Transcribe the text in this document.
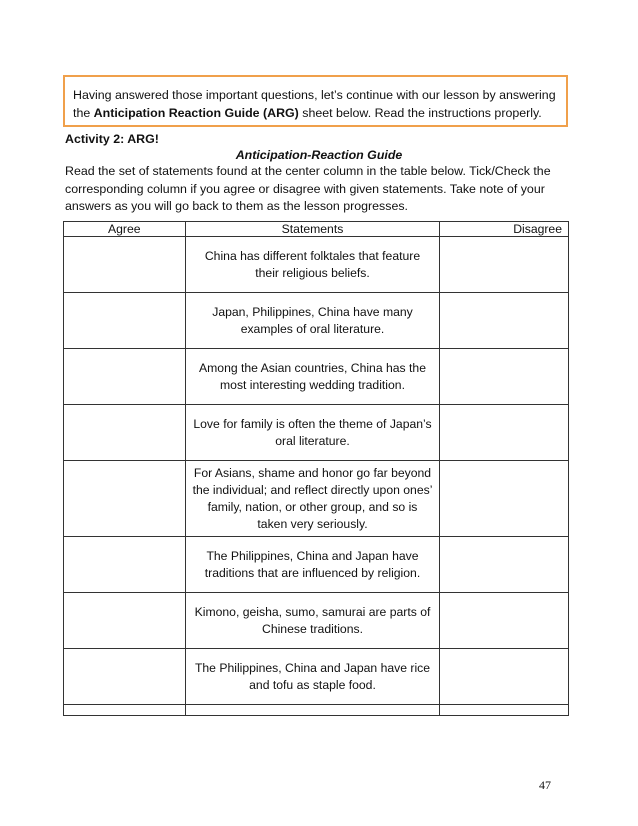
Having answered those important questions, let’s continue with our lesson by answering the Anticipation Reaction Guide (ARG) sheet below. Read the instructions properly.
Activity 2: ARG!
Anticipation-Reaction Guide
Read the set of statements found at the center column in the table below. Tick/Check the corresponding column if you agree or disagree with given statements. Take note of your answers as you will go back to them as the lesson progresses.
Agree	Statements	Disagree
	China has different folktales that feature their religious beliefs.	
	Japan, Philippines, China have many examples of oral literature.	
	Among the Asian countries, China has the most interesting wedding tradition.	
	Love for family is often the theme of Japan’s oral literature.	
	For Asians, shame and honor go far beyond the individual; and reflect directly upon ones’ family, nation, or other group, and so is taken very seriously.	
	The Philippines, China and Japan have traditions that are influenced by religion.	
	Kimono, geisha, sumo, samurai are parts of Chinese traditions.	
	The Philippines, China and Japan have rice and tofu as staple food.	

47
